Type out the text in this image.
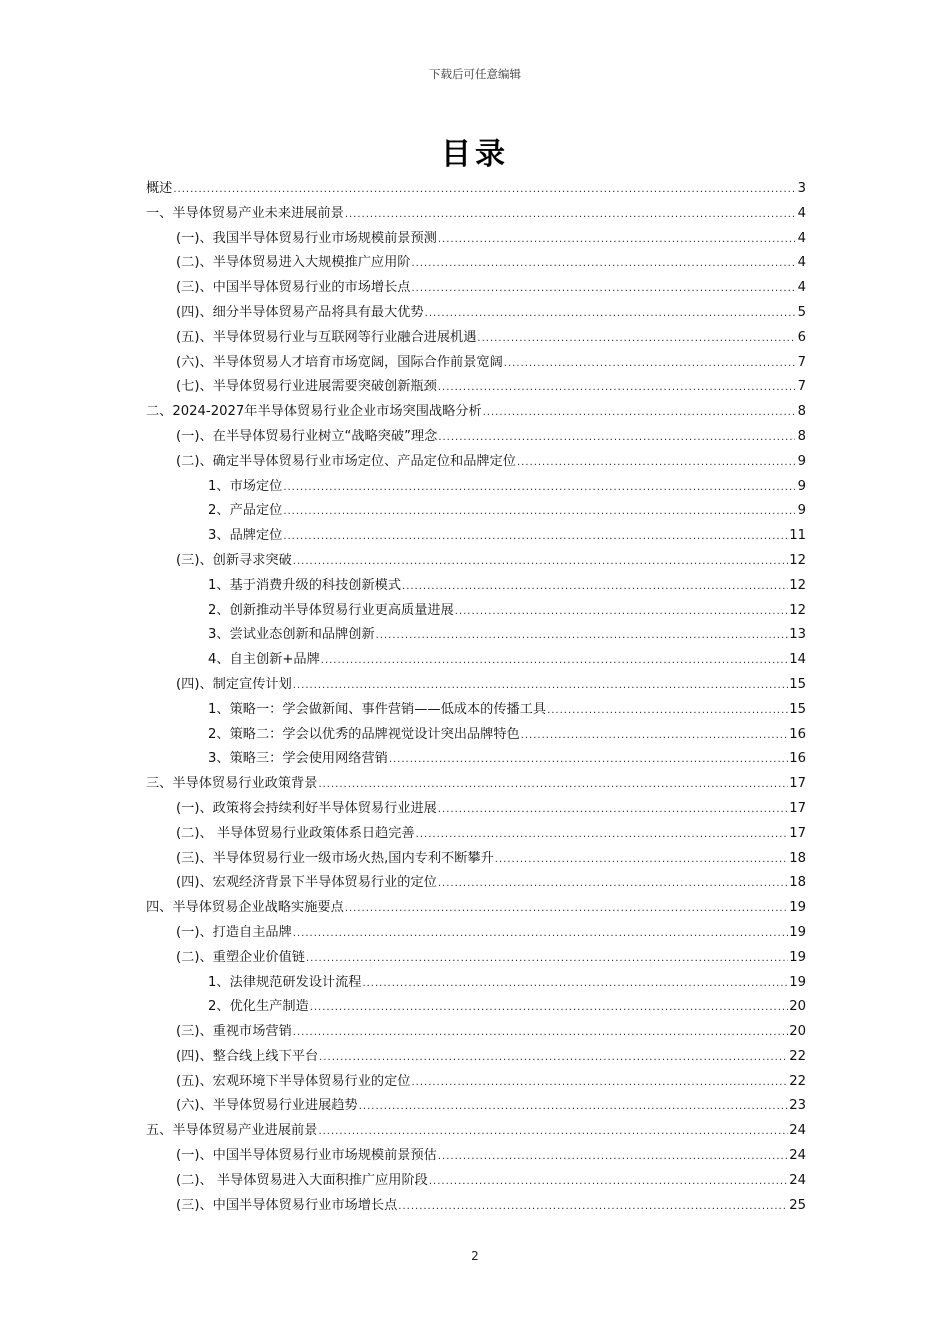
下载后可任意编辑
目录
概述 .....	3
一、半导体贸易产业未来进展前景 .....	4
(一)、我国半导体贸易行业市场规模前景预测 .....	4
(二)、半导体贸易进入大规模推广应用阶 .....	4
(三)、中国半导体贸易行业的市场增长点 .....	4
(四)、细分半导体贸易产品将具有最大优势 .....	5
(五)、半导体贸易行业与互联网等行业融合进展机遇 .....	6
(六)、半导体贸易人才培育市场宽阔，国际合作前景宽阔 .....	7
(七)、半导体贸易行业进展需要突破创新瓶颈 .....	7
二、2024-2027年半导体贸易行业企业市场突围战略分析 .....	8
(一)、在半导体贸易行业树立“战略突破”理念 .....	8
(二)、确定半导体贸易行业市场定位、产品定位和品牌定位 .....	9
1、市场定位 .....	9
2、产品定位 .....	9
3、品牌定位 .....	11
(三)、创新寻求突破 .....	12
1、基于消费升级的科技创新模式 .....	12
2、创新推动半导体贸易行业更高质量进展 .....	12
3、尝试业态创新和品牌创新 .....	13
4、自主创新+品牌 .....	14
(四)、制定宣传计划 .....	15
1、策略一：学会做新闻、事件营销——低成本的传播工具 .....	15
2、策略二：学会以优秀的品牌视觉设计突出品牌特色 .....	16
3、策略三：学会使用网络营销 .....	16
三、半导体贸易行业政策背景 .....	17
(一)、政策将会持续利好半导体贸易行业进展 .....	17
(二)、 半导体贸易行业政策体系日趋完善 .....	17
(三)、半导体贸易行业一级市场火热,国内专利不断攀升 .....	18
(四)、宏观经济背景下半导体贸易行业的定位 .....	18
四、半导体贸易企业战略实施要点 .....	19
(一)、打造自主品牌 .....	19
(二)、重塑企业价值链 .....	19
1、法律规范研发设计流程 .....	19
2、优化生产制造 .....	20
(三)、重视市场营销 .....	20
(四)、整合线上线下平台 .....	22
(五)、宏观环境下半导体贸易行业的定位 .....	22
(六)、半导体贸易行业进展趋势 .....	23
五、半导体贸易产业进展前景 .....	24
(一)、中国半导体贸易行业市场规模前景预估 .....	24
(二)、 半导体贸易进入大面积推广应用阶段 .....	24
(三)、中国半导体贸易行业市场增长点 .....	25
2
